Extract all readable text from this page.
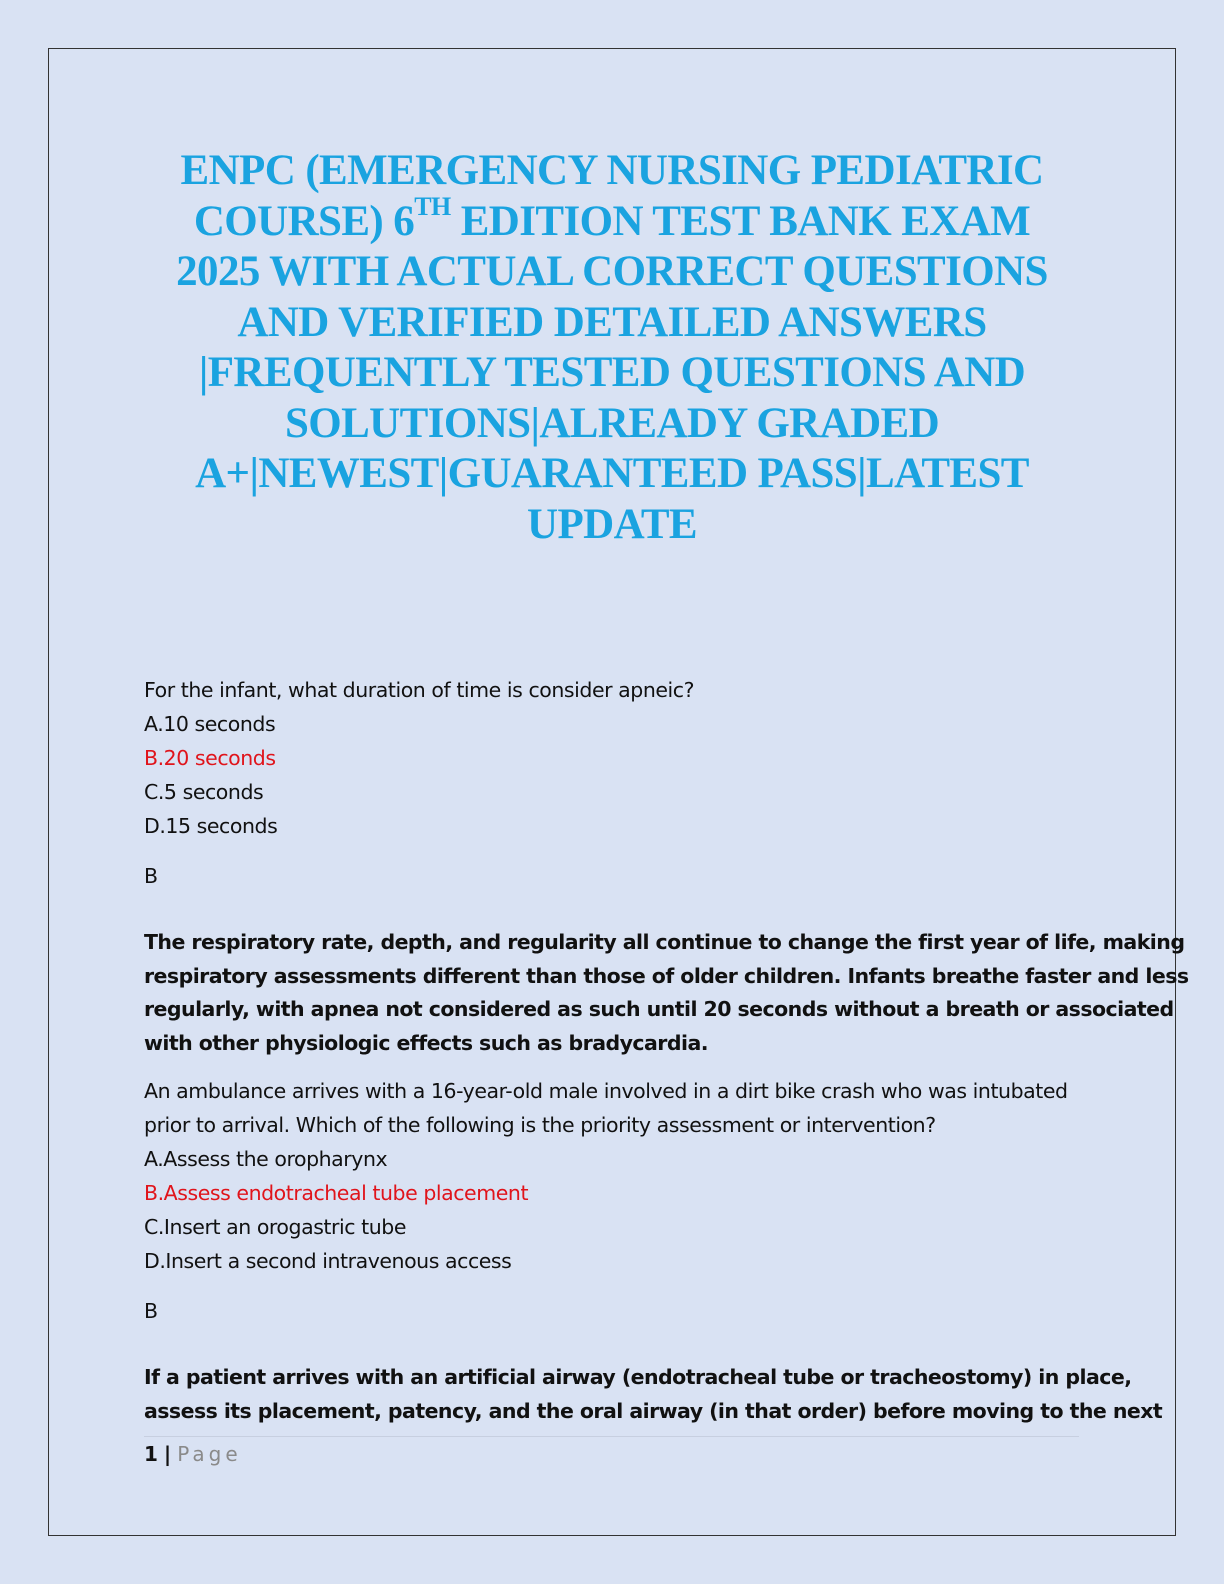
ENPC (EMERGENCY NURSING PEDIATRIC COURSE) 6TH EDITION TEST BANK EXAM 2025 WITH ACTUAL CORRECT QUESTIONS AND VERIFIED DETAILED ANSWERS |FREQUENTLY TESTED QUESTIONS AND SOLUTIONS|ALREADY GRADED A+|NEWEST|GUARANTEED PASS|LATEST UPDATE
For the infant, what duration of time is consider apneic?
A.10 seconds
B.20 seconds
C.5 seconds
D.15 seconds
B
The respiratory rate, depth, and regularity all continue to change the first year of life, making
respiratory assessments different than those of older children. Infants breathe faster and less
regularly, with apnea not considered as such until 20 seconds without a breath or associated
with other physiologic effects such as bradycardia.
An ambulance arrives with a 16-year-old male involved in a dirt bike crash who was intubated
prior to arrival. Which of the following is the priority assessment or intervention?
A.Assess the oropharynx
B.Assess endotracheal tube placement
C.Insert an orogastric tube
D.Insert a second intravenous access
B
If a patient arrives with an artificial airway (endotracheal tube or tracheostomy) in place,
assess its placement, patency, and the oral airway (in that order) before moving to the next
1 | Page
